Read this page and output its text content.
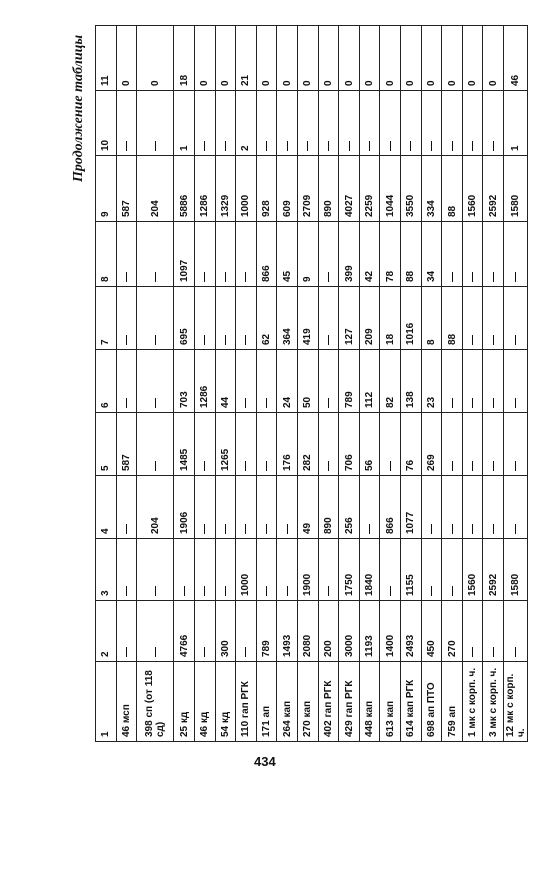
Продолжение таблицы
1	2	3	4	5	6	7	8	9	10	11
46 мсп	—	—	—	587	—	—	—	587	—	0
398 сп (от 118 сд)	—	—	204	—	—	—	—	204	—	0
25 кд	4766	—	1906	1485	703	695	1097	5886	1	18
46 кд	—	—	—	—	1286	—	—	1286	—	0
54 кд	300	—	—	1265	44	—	—	1329	—	0
110 гап РГК	—	1000	—	—	—	—	—	1000	2	21
171 ап	789	—	—	—	—	62	866	928	—	0
264 кап	1493	—	—	176	24	364	45	609	—	0
270 кап	2080	1900	49	282	50	419	9	2709	—	0
402 гап РГК	200	—	890	—	—	—	—	890	—	0
429 гап РГК	3000	1750	256	706	789	127	399	4027	—	0
448 кап	1193	1840	—	56	112	209	42	2259	—	0
613 кап	1400	—	866	—	82	18	78	1044	—	0
614 кап РГК	2493	1155	1077	76	138	1016	88	3550	—	0
698 ап ПТО	450	—	—	269	23	8	34	334	—	0
759 ап	270	—	—	—	—	88	—	88	—	0
1 мк с корп. ч.	—	1560	—	—	—	—	—	1560	—	0
3 мк с корп. ч.	—	2592	—	—	—	—	—	2592	—	0
12 мк с корп. ч.	—	1580	—	—	—	—	—	1580	1	46
434
